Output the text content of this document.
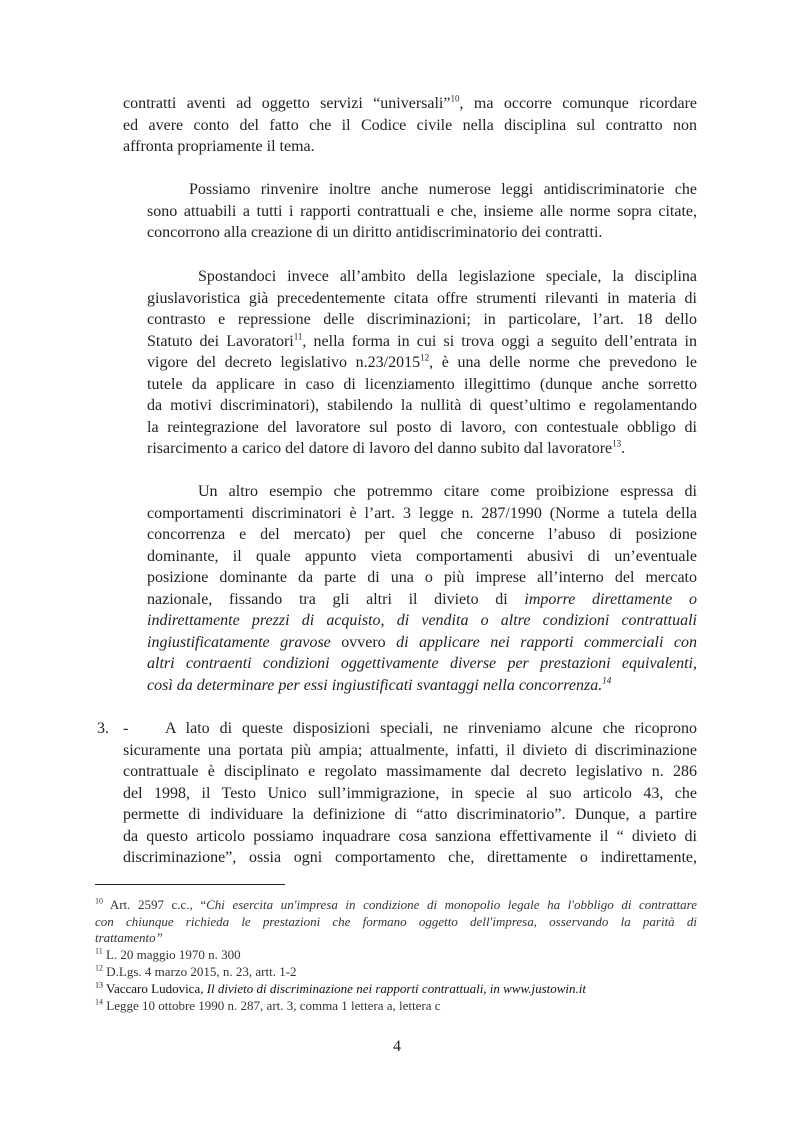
contratti aventi ad oggetto servizi “universali”$^{10}$, ma occorre comunque ricordare
ed avere conto del fatto che il Codice civile nella disciplina sul contratto non
affronta propriamente il tema.
Possiamo rinvenire inoltre anche numerose leggi antidiscriminatorie che
sono attuabili a tutti i rapporti contrattuali e che, insieme alle norme sopra citate,
concorrono alla creazione di un diritto antidiscriminatorio dei contratti.
Spostandoci invece all’ambito della legislazione speciale, la disciplina
giuslavoristica già precedentemente citata offre strumenti rilevanti in materia di
contrasto e repressione delle discriminazioni; in particolare, l’art. 18 dello
Statuto dei Lavoratori$^{11}$, nella forma in cui si trova oggi a seguito dell’entrata in
vigore del decreto legislativo n.23/2015$^{12}$, è una delle norme che prevedono le
tutele da applicare in caso di licenziamento illegittimo (dunque anche sorretto
da motivi discriminatori), stabilendo la nullità di quest’ultimo e regolamentando
la reintegrazione del lavoratore sul posto di lavoro, con contestuale obbligo di
risarcimento a carico del datore di lavoro del danno subito dal lavoratore$^{13}$.
Un altro esempio che potremmo citare come proibizione espressa di
comportamenti discriminatori è l’art. 3 legge n. 287/1990 (Norme a tutela della
concorrenza e del mercato) per quel che concerne l’abuso di posizione
dominante, il quale appunto vieta comportamenti abusivi di un’eventuale
posizione dominante da parte di una o più imprese all’interno del mercato
nazionale, fissando tra gli altri il divieto di imporre direttamente o
indirettamente prezzi di acquisto, di vendita o altre condizioni contrattuali
ingiustificatamente gravose ovvero di applicare nei rapporti commerciali con
altri contraenti condizioni oggettivamente diverse per prestazioni equivalenti,
così da determinare per essi ingiustificati svantaggi nella concorrenza.$^{14}$
3. -	A lato di queste disposizioni speciali, ne rinveniamo alcune che ricoprono
sicuramente una portata più ampia; attualmente, infatti, il divieto di discriminazione
contrattuale è disciplinato e regolato massimamente dal decreto legislativo n. 286
del 1998, il Testo Unico sull’immigrazione, in specie al suo articolo 43, che
permette di individuare la definizione di “atto discriminatorio”. Dunque, a partire
da questo articolo possiamo inquadrare cosa sanziona effettivamente il “ divieto di
discriminazione”, ossia ogni comportamento che, direttamente o indirettamente,
$^{10}$ Art. 2597 c.c., “Chi esercita un'impresa in condizione di monopolio legale ha l'obbligo di contrattare
con chiunque richieda le prestazioni che formano oggetto dell'impresa, osservando la parità di
trattamento”
$^{11}$ L. 20 maggio 1970 n. 300
$^{12}$ D.Lgs. 4 marzo 2015, n. 23, artt. 1-2
$^{13}$ Vaccaro Ludovica, Il divieto di discriminazione nei rapporti contrattuali, in www.justowin.it
$^{14}$ Legge 10 ottobre 1990 n. 287, art. 3, comma 1 lettera a, lettera c
4
